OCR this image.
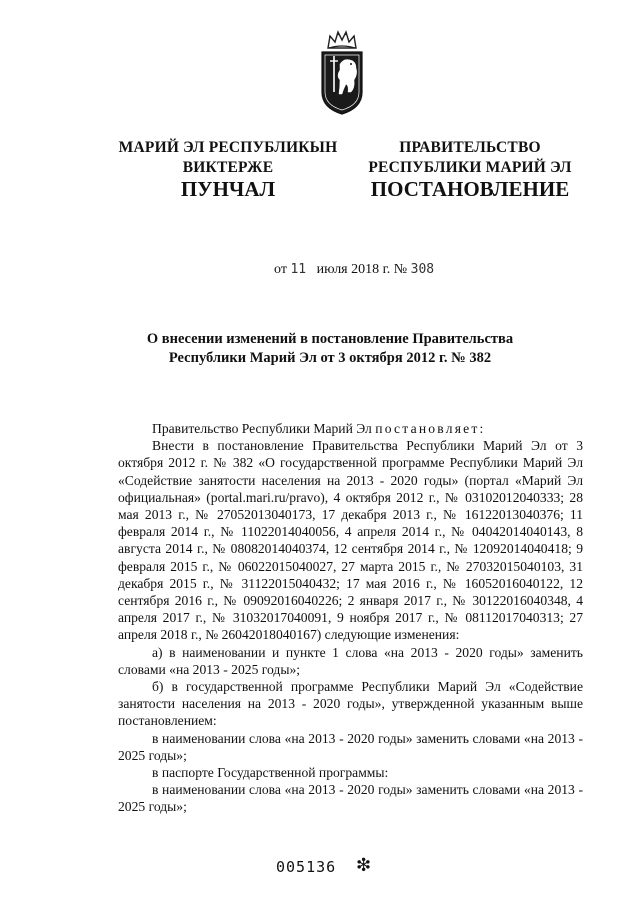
МАРИЙ ЭЛ РЕСПУБЛИКЫН
ВИКТЕРЖЕ
ПУНЧАЛ
ПРАВИТЕЛЬСТВО
РЕСПУБЛИКИ МАРИЙ ЭЛ
ПОСТАНОВЛЕНИЕ
от 11 июля 2018 г. № 308
О внесении изменений в постановление Правительства
Республики Марий Эл от 3 октября 2012 г. № 382

Правительство Республики Марий Эл постановляет:

Внести в постановление Правительства Республики Марий Эл от 3 октября 2012 г. № 382 «О государственной программе Республики Марий Эл «Содействие занятости населения на 2013 - 2020 годы» (портал «Марий Эл официальная» (portal.mari.ru/pravo), 4 октября 2012 г., № 03102012040333; 28 мая 2013 г., № 27052013040173, 17 декабря 2013 г., № 16122013040376; 11 февраля 2014 г., № 11022014040056, 4 апреля 2014 г., № 04042014040143, 8 августа 2014 г., № 08082014040374, 12 сентября 2014 г., № 12092014040418; 9 февраля 2015 г., № 06022015040027, 27 марта 2015 г., № 27032015040103, 31 декабря 2015 г., № 31122015040432; 17 мая 2016 г., № 16052016040122, 12 сентября 2016 г., № 09092016040226; 2 января 2017 г., № 30122016040348, 4 апреля 2017 г., № 31032017040091, 9 ноября 2017 г., № 08112017040313; 27 апреля 2018 г., № 26042018040167) следующие изменения:

а) в наименовании и пункте 1 слова «на 2013 - 2020 годы» заменить словами «на 2013 - 2025 годы»;

б) в государственной программе Республики Марий Эл «Содействие занятости населения на 2013 - 2020 годы», утвержденной указанным выше постановлением:

в наименовании слова «на 2013 - 2020 годы» заменить словами «на 2013 - 2025 годы»;

в паспорте Государственной программы:

в наименовании слова «на 2013 - 2020 годы» заменить словами «на 2013 - 2025 годы»;

005136 ❇
